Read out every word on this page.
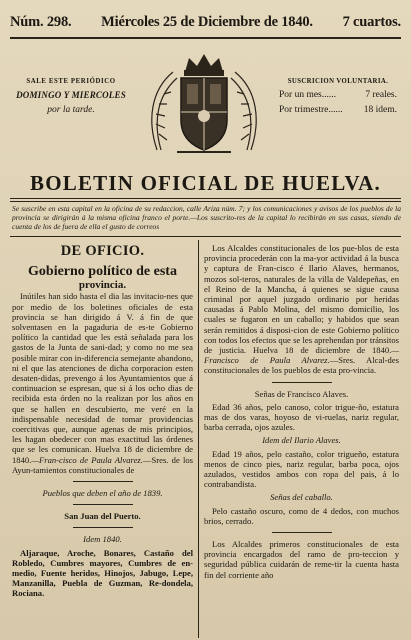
Núm. 298. Miércoles 25 de Diciembre de 1840. 7 cuartos.
SALE ESTE PERIÓDICO
DOMINGO Y MIERCOLES
por la tarde.
SUSCRICION VOLUNTARIA.
Por un mes......	7 reales.
Por trimestre...... 18 idem.
BOLETIN OFICIAL DE HUELVA.
Se suscribe en esta capital en la oficina de su redaccion, calle Ariza núm. 7; y los comunicaciones y avisos de los pueblos de la provincia se dirigirán á la misma oficina franco el porte.—Los suscrito-res de la capital lo recibirán en sus casas, siendo de cuenta de los de fuera de ella el gusto de correos
DE OFICIO.
Gobierno político de esta
provincia.

Inútiles han sido hasta el dia las invitacio-nes que por medio de los boletines oficiales de esta provincia se han dirigido á V. á fin de que solventasen en la pagaduria de es-te Gobierno político la cantidad que les está señalada para los gastos de la Junta de sani-dad; y como no me sea posible mirar con in-diferencia semejante abandono, ni el que las atenciones de dicha corporacion esten desaten-didas, prevengo á los Ayuntamientos que á continuacion se espresan, que si á los ocho dias de recibida esta órden no la realizan por los años en que se hallen en descubierto, me veré en la indispensable necesidad de tomar providencias coercitivas que, aunque agenas de mis principios, les hagan obedecer con mas exactitud las órdenes que se les comunican. Huelva 18 de diciembre de 1840.—Fran-cisco de Paula Alvarez.—Sres. de los Ayun-tamientos constitucionales de

Pueblos que deben el año de 1839.
San Juan del Puerto.
Idem 1840.

Aljaraque, Aroche, Bonares, Castaño del Robledo, Cumbres mayores, Cumbres de en-medio, Fuente heridos, Hinojos, Jabugo, Lepe, Manzanilla, Puebla de Guzman, Re-dondela, Rociana.

Los Alcaldes constitucionales de los pue-blos de esta provincia procederán con la ma-yor actividad á la busca y captura de Fran-cisco é Ilario Alaves, hermanos, mozos sol-teros, naturales de la villa de Valdepeñas, en el Reino de la Mancha, á quienes se sigue causa criminal por aquel juzgado ordinario por heridas causadas á Pablo Molina, del mismo domicilio, los cuales se fugaron en un caballo; y habidos que sean serán remitidos á disposi-cion de este Gobierno político con todos los efectos que se les aprehendan por tránsitos de justicia. Huelva 18 de diciembre de 1840.—Francisco de Paula Alvarez.—Sres. Alcal-des constitucionales de los pueblos de esta pro-vincia.

Señas de Francisco Alaves.

Edad 36 años, pelo canoso, color trigue-ño, estatura mas de dos varas, hoyoso de vi-ruelas, nariz regular, barba cerrada, ojos azules.

Idem del Ilario Alaves.

Edad 19 años, pelo castaño, color trigueño, estatura menos de cinco pies, nariz regular, barba poca, ojos azulados, vestidos ambos con ropa del pais, á lo contrabandista.

Señas del caballo.

Pelo castaño oscuro, como de 4 dedos, con muchos brios, cerrado.

Los Alcaldes primeros constitucionales de esta provincia encargados del ramo de pro-teccion y seguridad pública cuidarán de reme-tir la cuenta hasta fin del corriente año
